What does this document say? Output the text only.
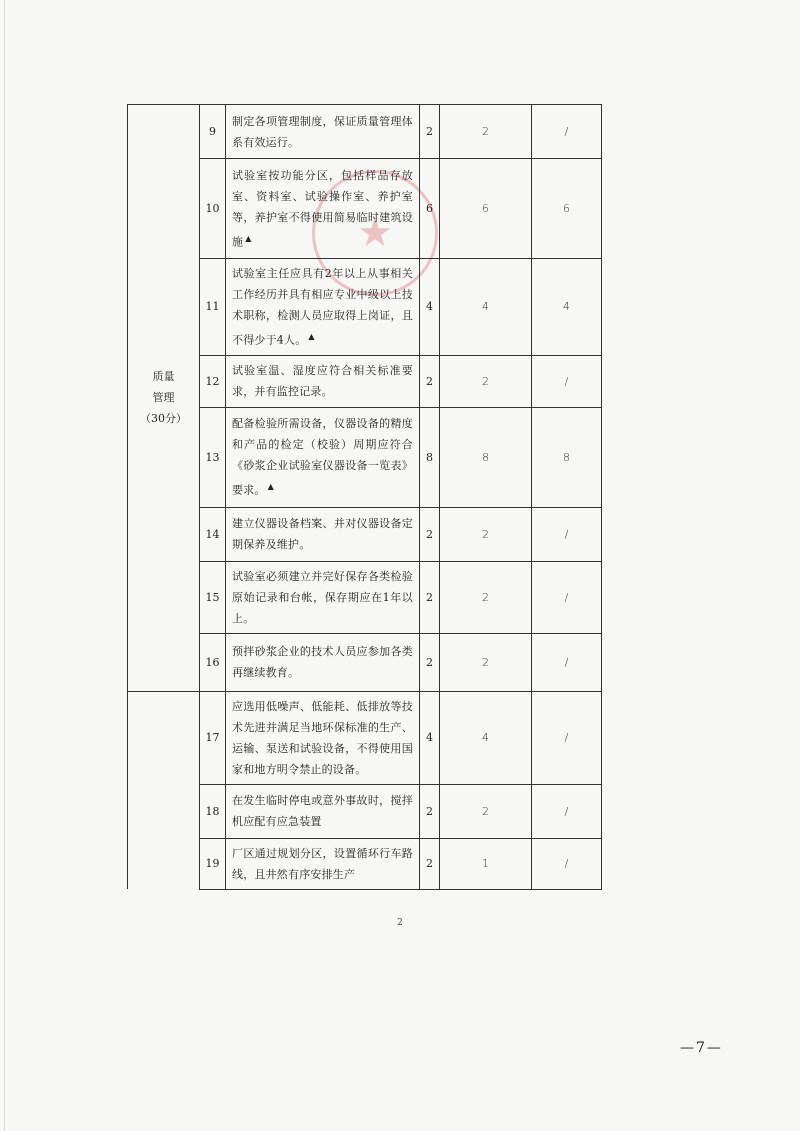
★
质量
管理
（30分）	9	制定各项管理制度，保证质量管理体系有效运行。	2	2	/
	10	试验室按功能分区，包括样品存放室、资料室、试验操作室、养护室等，养护室不得使用简易临时建筑设施 ▲	6	6	6
	11	试验室主任应具有2年以上从事相关工作经历并具有相应专业中级以上技术职称，检测人员应取得上岗证，且不得少于4人。 ▲	4	4	4
	12	试验室温、湿度应符合相关标准要求，并有监控记录。	2	2	/
	13	配备检验所需设备，仪器设备的精度和产品的检定（校验）周期应符合《砂浆企业试验室仪器设备一览表》要求。 ▲	8	8	8
	14	建立仪器设备档案、并对仪器设备定期保养及维护。	2	2	/
	15	试验室必须建立并完好保存各类检验原始记录和台帐，保存期应在1年以上。	2	2	/
	16	预拌砂浆企业的技术人员应参加各类再继续教育。	2	2	/
	17	应选用低噪声、低能耗、低排放等技术先进并满足当地环保标准的生产、运输、泵送和试验设备，不得使用国家和地方明令禁止的设备。	4	4	/
	18	在发生临时停电或意外事故时，搅拌机应配有应急装置	2	2	/
	19	厂区通过规划分区，设置循环行车路线，且井然有序安排生产	2	1	/
2
—7—
